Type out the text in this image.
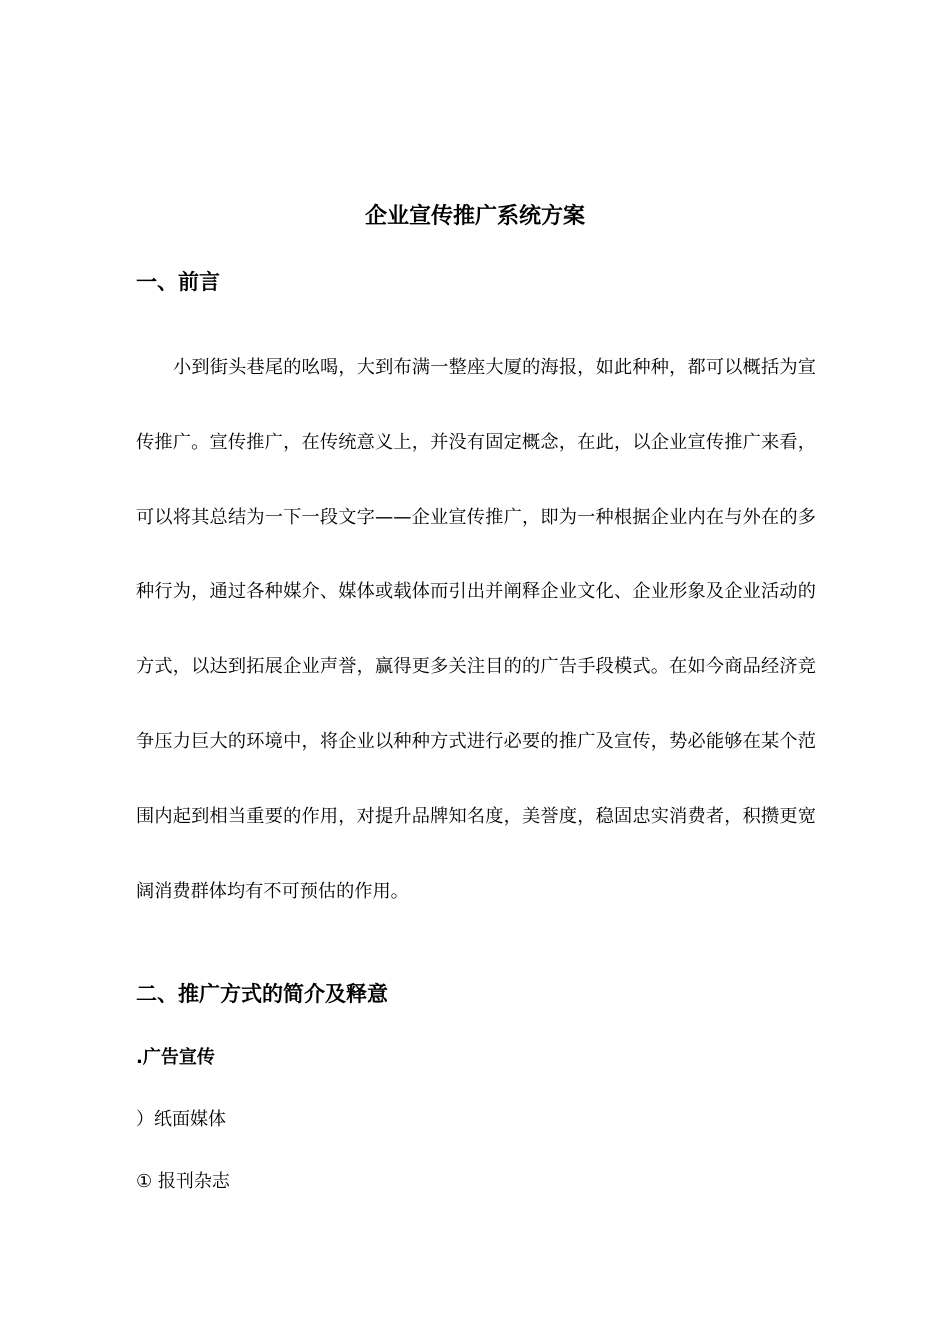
企业宣传推广系统方案
一、前言

小到街头巷尾的吆喝，大到布满一整座大厦的海报，如此种种，都可以概括为宣传推广。宣传推广，在传统意义上，并没有固定概念，在此，以企业宣传推广来看，可以将其总结为一下一段文字——企业宣传推广，即为一种根据企业内在与外在的多种行为，通过各种媒介、媒体或载体而引出并阐释企业文化、企业形象及企业活动的方式，以达到拓展企业声誉，赢得更多关注目的的广告手段模式。在如今商品经济竞争压力巨大的环境中，将企业以种种方式进行必要的推广及宣传，势必能够在某个范围内起到相当重要的作用，对提升品牌知名度，美誉度，稳固忠实消费者，积攒更宽阔消费群体均有不可预估的作用。

二、推广方式的简介及释意
.广告宣传
）纸面媒体
① 报刊杂志
